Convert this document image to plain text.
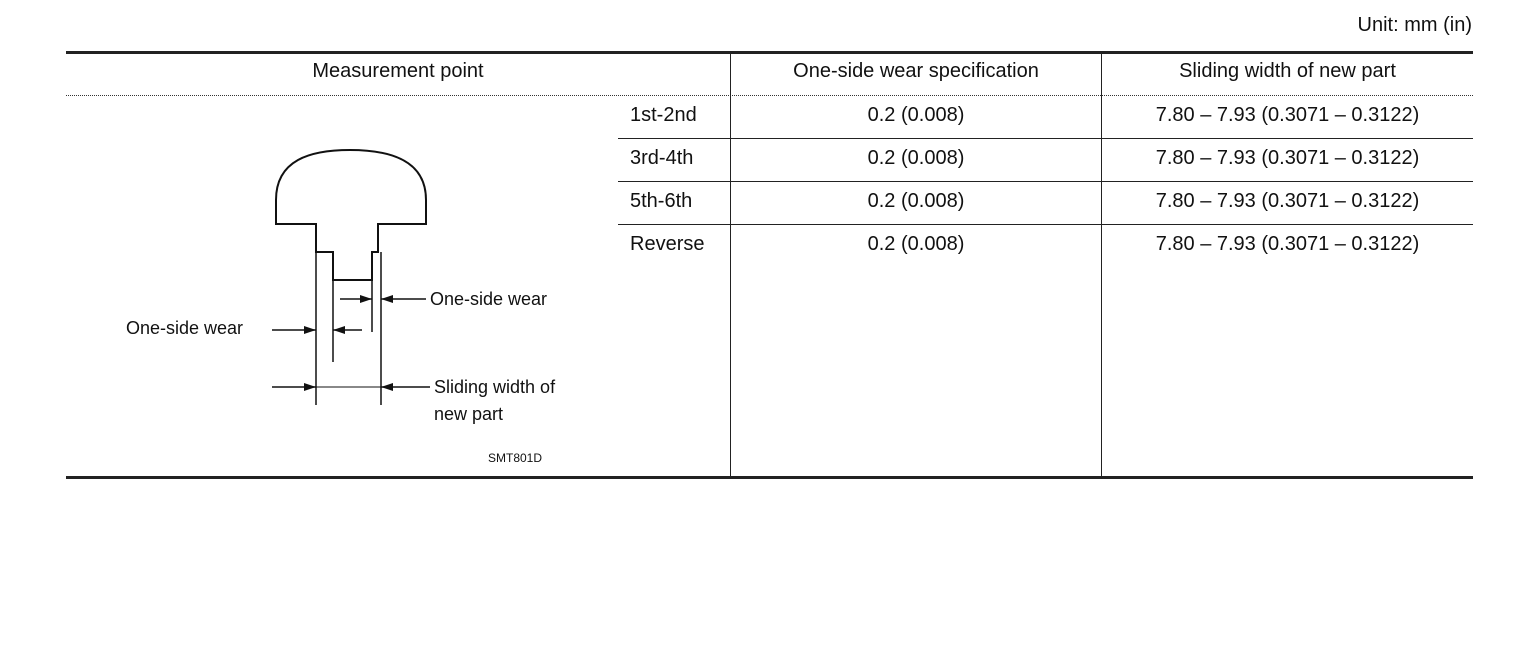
Unit: mm (in)
Measurement point	One-side wear specification	Sliding width of new part
1st-2nd	0.2 (0.008)	7.80 – 7.93 (0.3071 – 0.3122)
3rd-4th	0.2 (0.008)	7.80 – 7.93 (0.3071 – 0.3122)
5th-6th	0.2 (0.008)	7.80 – 7.93 (0.3071 – 0.3122)
Reverse	0.2 (0.008)	7.80 – 7.93 (0.3071 – 0.3122)
One-side wear
One-side wear
Sliding width of
new part
SMT801D
